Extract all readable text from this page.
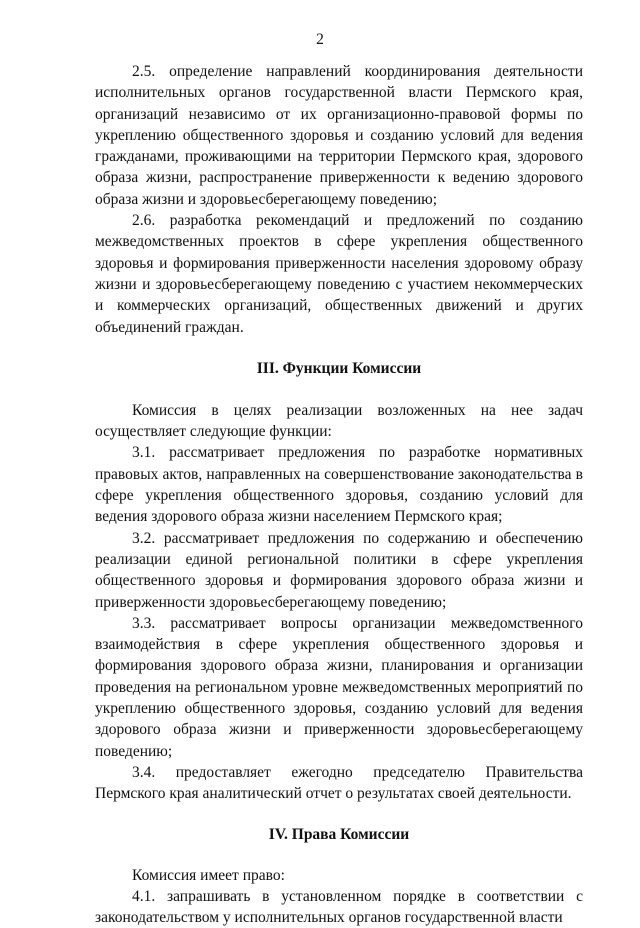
2

2.5. определение направлений координирования деятельности исполнительных органов государственной власти Пермского края, организаций независимо от их организационно-правовой формы по укреплению общественного здоровья и созданию условий для ведения гражданами, проживающими на территории Пермского края, здорового образа жизни, распространение приверженности к ведению здорового образа жизни и здоровьесберегающему поведению;

2.6. разработка рекомендаций и предложений по созданию межведомственных проектов в сфере укрепления общественного здоровья и формирования приверженности населения здоровому образу жизни и здоровьесберегающему поведению с участием некоммерческих и коммерческих организаций, общественных движений и других объединений граждан.

III. Функции Комиссии

Комиссия в целях реализации возложенных на нее задач осуществляет следующие функции:

3.1. рассматривает предложения по разработке нормативных правовых актов, направленных на совершенствование законодательства в сфере укрепления общественного здоровья, созданию условий для ведения здорового образа жизни населением Пермского края;

3.2. рассматривает предложения по содержанию и обеспечению реализации единой региональной политики в сфере укрепления общественного здоровья и формирования здорового образа жизни и приверженности здоровьесберегающему поведению;

3.3. рассматривает вопросы организации межведомственного взаимодействия в сфере укрепления общественного здоровья и формирования здорового образа жизни, планирования и организации проведения на региональном уровне межведомственных мероприятий по укреплению общественного здоровья, созданию условий для ведения здорового образа жизни и приверженности здоровьесберегающему поведению;

3.4. предоставляет ежегодно председателю Правительства Пермского края аналитический отчет о результатах своей деятельности.

IV. Права Комиссии

Комиссия имеет право:

4.1. запрашивать в установленном порядке в соответствии с законодательством у исполнительных органов государственной власти
